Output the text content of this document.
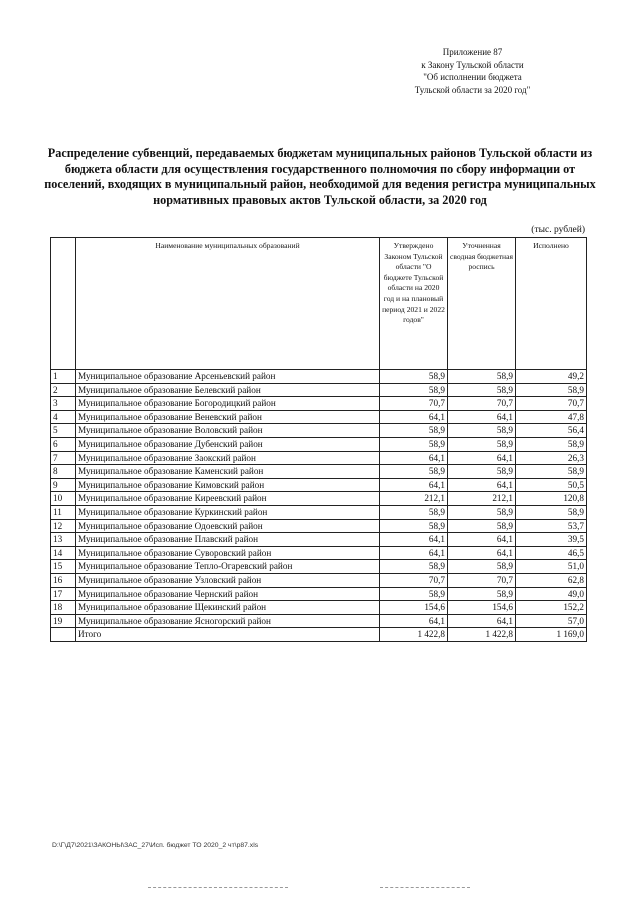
Приложение 87
к Закону Тульской области
"Об исполнении бюджета
Тульской области за 2020 год"
Распределение субвенций, передаваемых бюджетам муниципальных районов Тульской области из бюджета области для осуществления государственного полномочия по сбору информации от поселений, входящих в муниципальный район, необходимой для ведения регистра муниципальных нормативных правовых актов Тульской области, за 2020 год
(тыс. рублей)
	Наименование муниципальных образований	Утверждено Законом Тульской области "О бюджете Тульской области на 2020 год и на плановый период 2021 и 2022 годов"	Уточненная сводная бюджетная роспись	Исполнено
1	Муниципальное образование Арсеньевский район	58,9	58,9	49,2
2	Муниципальное образование Белевский район	58,9	58,9	58,9
3	Муниципальное образование Богородицкий район	70,7	70,7	70,7
4	Муниципальное образование Веневский район	64,1	64,1	47,8
5	Муниципальное образование Воловский район	58,9	58,9	56,4
6	Муниципальное образование Дубенский район	58,9	58,9	58,9
7	Муниципальное образование Заокский район	64,1	64,1	26,3
8	Муниципальное образование Каменский район	58,9	58,9	58,9
9	Муниципальное образование Кимовский район	64,1	64,1	50,5
10	Муниципальное образование Киреевский район	212,1	212,1	120,8
11	Муниципальное образование Куркинский район	58,9	58,9	58,9
12	Муниципальное образование Одоевский район	58,9	58,9	53,7
13	Муниципальное образование Плавский район	64,1	64,1	39,5
14	Муниципальное образование Суворовский район	64,1	64,1	46,5
15	Муниципальное образование Тепло-Огаревский район	58,9	58,9	51,0
16	Муниципальное образование Узловский район	70,7	70,7	62,8
17	Муниципальное образование Чернский район	58,9	58,9	49,0
18	Муниципальное образование Щекинский район	154,6	154,6	152,2
19	Муниципальное образование Ясногорский район	64,1	64,1	57,0
	Итого	1 422,8	1 422,8	1 169,0
D:\Г\Д7\2021\ЗАКОНЫ\ЗАС_27\Исп. бюджет ТО 2020_2 чт\р87.xls
